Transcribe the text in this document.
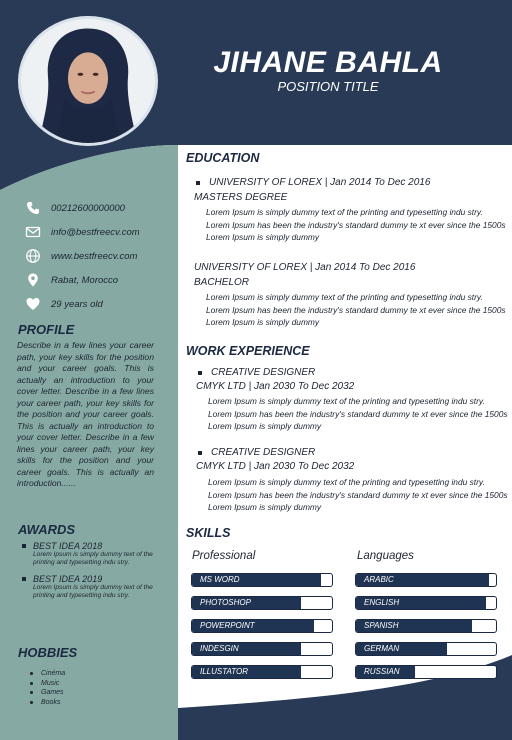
JIHANE BAHLA
POSITION TITLE
00212600000000
info@bestfreecv.com
www.bestfreecv.com
Rabat, Morocco
29 years old
PROFILE
Describe in a few lines your career path, your key skills for the position and your career goals. This is actually an introduction to your cover letter. Describe in a few lines your career path, your key skills for the position and your career goals. This is actually an introduction to your cover letter. Describe in a few lines your career path, your key skills for the position and your career goals. This is actually an introduction......
AWARDS
BEST IDEA 2018
Lorem Ipsum is simply dummy text of the printing and typesetting indu stry.
BEST IDEA 2019
Lorem Ipsum is simply dummy text of the printing and typesetting indu stry.
HOBBIES
Cinéma
Music
Games
Books
EDUCATION
UNIVERSITY OF LOREX | Jan 2014 To Dec 2016
MASTERS DEGREE
Lorem Ipsum is simply dummy text of the printing and typesetting indu stry. Lorem Ipsum has been the industry's standard dummy te xt ever since the 1500s Lorem Ipsum is simply dummy
UNIVERSITY OF LOREX | Jan 2014 To Dec 2016
BACHELOR
Lorem Ipsum is simply dummy text of the printing and typesetting indu stry. Lorem Ipsum has been the industry's standard dummy te xt ever since the 1500s Lorem Ipsum is simply dummy
WORK EXPERIENCE
CREATIVE DESIGNER
CMYK LTD | Jan 2030 To Dec 2032
Lorem Ipsum is simply dummy text of the printing and typesetting indu stry. Lorem Ipsum has been the industry's standard dummy te xt ever since the 1500s Lorem Ipsum is simply dummy
CREATIVE DESIGNER
CMYK LTD | Jan 2030 To Dec 2032
Lorem Ipsum is simply dummy text of the printing and typesetting indu stry. Lorem Ipsum has been the industry's standard dummy te xt ever since the 1500s Lorem Ipsum is simply dummy
SKILLS
Professional	Languages
MS WORD
PHOTOSHOP
POWERPOINT
INDESGIN
ILLUSTATOR
ARABIC
ENGLISH
SPANISH
GERMAN
RUSSIAN
